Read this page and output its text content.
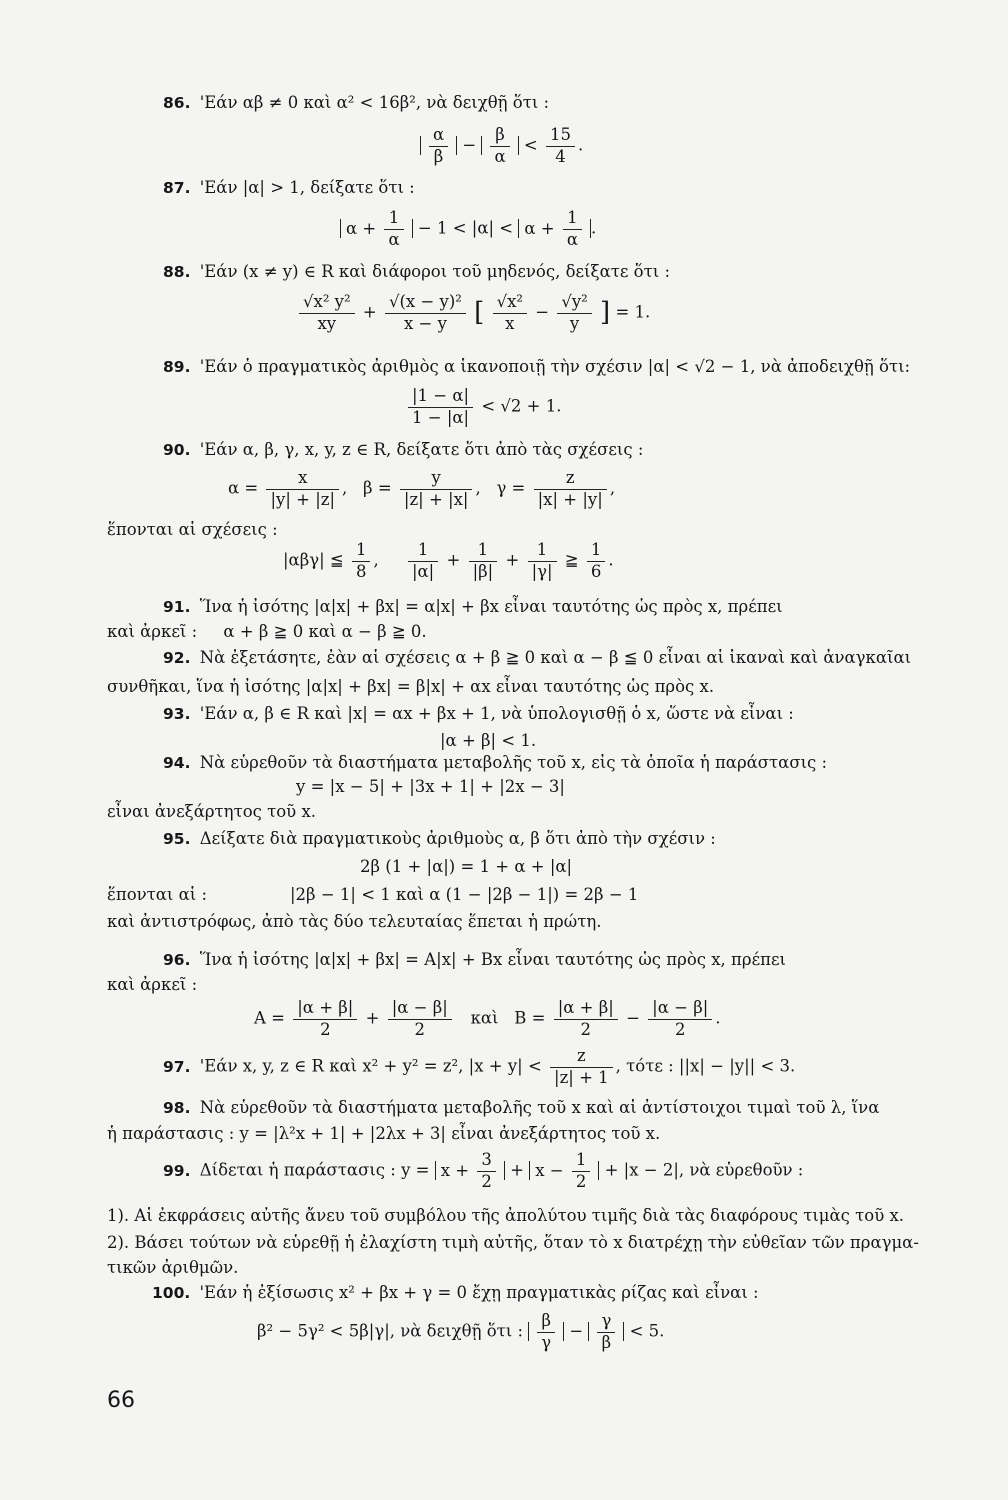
86. 'Εάν αβ ≠ 0 καὶ α² < 16β², νὰ δειχθῇ ὅτι :
$\frac{\alpha}{\beta} - \frac{\beta}{\alpha} < \frac{15}{4}$ .
87. 'Εάν |α| > 1, δείξατε ὅτι :
$\alpha + \frac{1}{\alpha} - 1 < |\alpha| < \alpha + \frac{1}{\alpha}$ .
88. 'Εάν (x ≠ y) ∈ R καὶ διάφοροι τοῦ μηδενός, δείξατε ὅτι :
$\frac{\text{√x² y²}}{xy} + \frac{\text{√(x − y)²}}{x - y}$ [ $\frac{\text{√x²}}{x} - \frac{\text{√y²}}{y}$ ] = 1.
89. 'Εάν ὁ πραγματικὸς ἀριθμὸς α ἱκανοποιῇ τὴν σχέσιν |α| < √2 − 1, νὰ ἀποδειχθῇ ὅτι:
$\frac{|1 - \alpha|}{1 - |\alpha|} < √2 + 1$.
90. 'Εάν α, β, γ, x, y, z ∈ R, δείξατε ὅτι ἀπὸ τὰς σχέσεις :
$\alpha = \frac{x}{|y| + |z|}$ ,   $\beta = \frac{y}{|z| + |x|}$ ,   $\gamma = \frac{z}{|x| + |y|}$ ,
ἕπονται αἱ σχέσεις :
|αβγ| ≦ $\frac{1}{8}$ , $\frac{1}{|\alpha|} + \frac{1}{|\beta|} + \frac{1}{|\gamma|}$ ≧ $\frac{1}{6}$ .
91. Ἵνα ἡ ἰσότης |α|x| + βx| = α|x| + βx εἶναι ταυτότης ὡς πρὸς x, πρέπει
καὶ ἀρκεῖ : α + β ≧ 0 καὶ α − β ≧ 0.
92. Νὰ ἐξετάσητε, ἐὰν αἱ σχέσεις α + β ≧ 0 καὶ α − β ≦ 0 εἶναι αἱ ἱκαναὶ καὶ ἀναγκαῖαι
συνθῆκαι, ἵνα ἡ ἰσότης |α|x| + βx| = β|x| + αx εἶναι ταυτότης ὡς πρὸς x.
93. 'Εάν α, β ∈ R καὶ |x| = αx + βx + 1, νὰ ὑπολογισθῇ ὁ x, ὥστε νὰ εἶναι :
|α + β| < 1.
94. Νὰ εὑρεθοῦν τὰ διαστήματα μεταβολῆς τοῦ x, εἰς τὰ ὁποῖα ἡ παράστασις :
y = |x − 5| + |3x + 1| + |2x − 3|
εἶναι ἀνεξάρτητος τοῦ x.
95. Δείξατε διὰ πραγματικοὺς ἀριθμοὺς α, β ὅτι ἀπὸ τὴν σχέσιν :
2β (1 + |α|) = 1 + α + |α|
ἕπονται αἱ :	|2β − 1| < 1 καὶ α (1 − |2β − 1|) = 2β − 1
καὶ ἀντιστρόφως, ἀπὸ τὰς δύο τελευταίας ἕπεται ἡ πρώτη.
96. Ἵνα ἡ ἰσότης |α|x| + βx| = A|x| + Bx εἶναι ταυτότης ὡς πρὸς x, πρέπει
καὶ ἀρκεῖ :
$A = \frac{|\alpha + \beta|}{2} + \frac{|\alpha - \beta|}{2}$ καὶ $B = \frac{|\alpha + \beta|}{2} - \frac{|\alpha - \beta|}{2}$ .
97. 'Εάν x, y, z ∈ R καὶ x² + y² = z², $|x + y| < \frac{z}{|z| + 1}$ , τότε : ||x| − |y|| < 3.
98. Νὰ εὑρεθοῦν τὰ διαστήματα μεταβολῆς τοῦ x καὶ αἱ ἀντίστοιχοι τιμαὶ τοῦ λ, ἵνα
ἡ παράστασις : y = |λ²x + 1| + |2λx + 3| εἶναι ἀνεξάρτητος τοῦ x.
99. Δίδεται ἡ παράστασις : $y = x + \frac{3}{2} + x - \frac{1}{2} + |x - 2|$, νὰ εὑρεθοῦν :
1). Αἱ ἐκφράσεις αὐτῆς ἄνευ τοῦ συμβόλου τῆς ἀπολύτου τιμῆς διὰ τὰς διαφόρους τιμὰς τοῦ x.
2). Βάσει τούτων νὰ εὑρεθῇ ἡ ἐλαχίστη τιμὴ αὐτῆς, ὅταν τὸ x διατρέχῃ τὴν εὐθεῖαν τῶν πραγμα-
τικῶν ἀριθμῶν.
100. 'Εάν ἡ ἐξίσωσις x² + βx + γ = 0 ἔχῃ πραγματικὰς ρίζας καὶ εἶναι :
β² − 5γ² < 5β|γ|, νὰ δειχθῇ ὅτι : $\frac{\beta}{\gamma} - \frac{\gamma}{\beta} < 5$.
66
